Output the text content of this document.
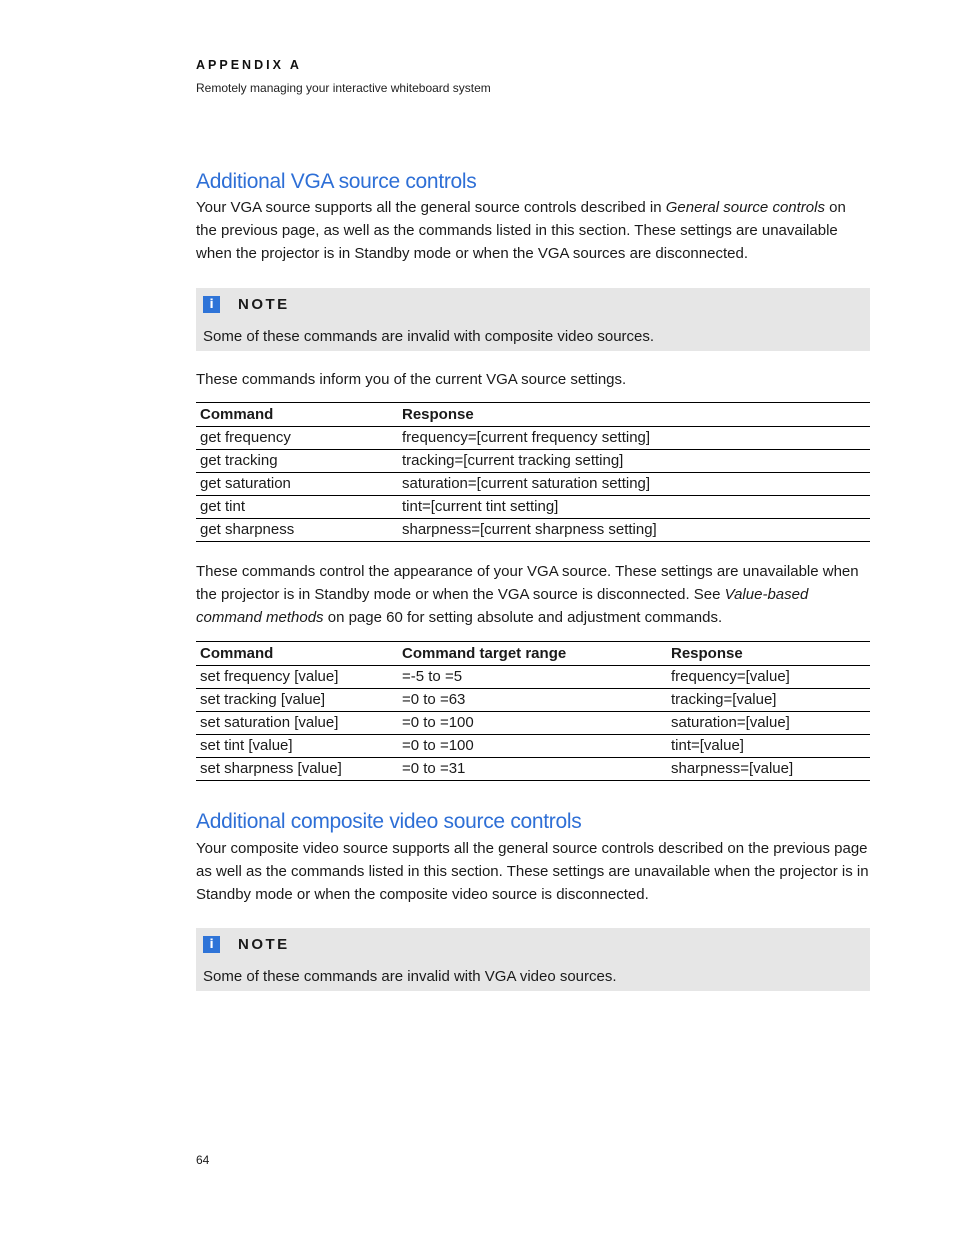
APPENDIX A
Remotely managing your interactive whiteboard system
Additional VGA source controls

Your VGA source supports all the general source controls described in General source controls on the previous page, as well as the commands listed in this section. These settings are unavailable when the projector is in Standby mode or when the VGA sources are disconnected.

i	NOTE
Some of these commands are invalid with composite video sources.

These commands inform you of the current VGA source settings.

Command	Response
get frequency	frequency=[current frequency setting]
get tracking	tracking=[current tracking setting]
get saturation	saturation=[current saturation setting]
get tint	tint=[current tint setting]
get sharpness	sharpness=[current sharpness setting]

These commands control the appearance of your VGA source. These settings are unavailable when the projector is in Standby mode or when the VGA source is disconnected. See Value-based command methods on page 60 for setting absolute and adjustment commands.

Command	Command target range	Response
set frequency [value]	=-5 to =5	frequency=[value]
set tracking [value]	=0 to =63	tracking=[value]
set saturation [value]	=0 to =100	saturation=[value]
set tint [value]	=0 to =100	tint=[value]
set sharpness [value]	=0 to =31	sharpness=[value]
Additional composite video source controls

Your composite video source supports all the general source controls described on the previous page as well as the commands listed in this section. These settings are unavailable when the projector is in Standby mode or when the composite video source is disconnected.

i	NOTE
Some of these commands are invalid with VGA video sources.
64
